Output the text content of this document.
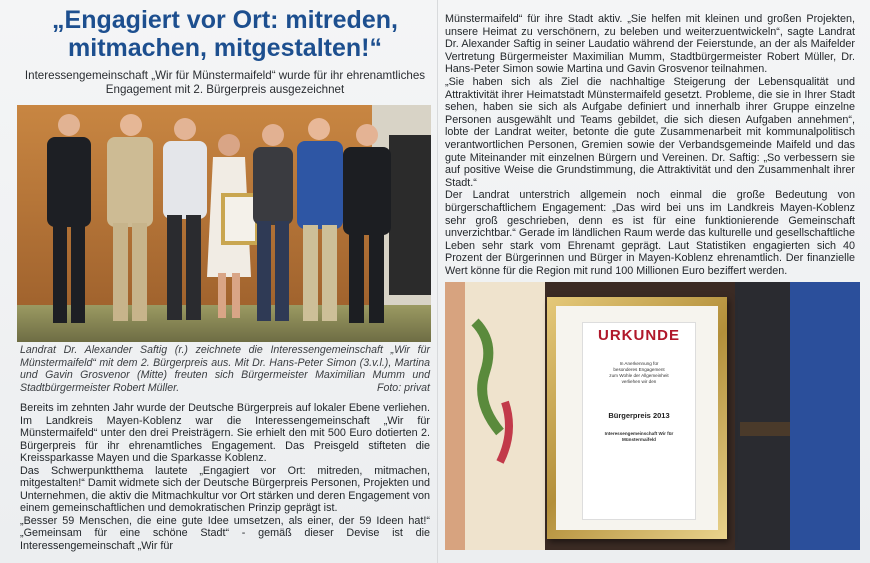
„Engagiert vor Ort: mitreden,
mitmachen, mitgestalten!“

Interessengemeinschaft „Wir für Münstermaifeld“ wurde für ihr ehrenamtliches Engagement mit 2. Bürgerpreis ausgezeichnet

Landrat Dr. Alexander Saftig (r.) zeichnete die Interessengemeinschaft „Wir für Münstermaifeld“ mit dem 2. Bürgerpreis aus. Mit Dr. Hans-Peter Simon (3.v.l.), Martina und Gavin Grosvenor (Mitte) freuten sich Bürgermeister Maximilian Mumm und Stadtbürgermeister Robert Müller.	Foto: privat

Bereits im zehnten Jahr wurde der Deutsche Bürgerpreis auf lokaler Ebene verliehen. Im Landkreis Mayen-Koblenz war die Interessengemeinschaft „Wir für Münstermaifeld“ unter den drei Preisträgern. Sie erhielt den mit 500 Euro dotierten 2. Bürgerpreis für ihr ehrenamtliches Engagement. Das Preisgeld stifteten die Kreissparkasse Mayen und die Sparkasse Koblenz.

Das Schwerpunktthema lautete „Engagiert vor Ort: mitreden, mitmachen, mitgestalten!“ Damit widmete sich der Deutsche Bürgerpreis Personen, Projekten und Unternehmen, die aktiv die Mitmachkultur vor Ort stärken und deren Engagement von einem gemeinschaftlichen und demokratischen Prinzip geprägt ist.

„Besser 59 Menschen, die eine gute Idee umsetzen, als einer, der 59 Ideen hat!“ „Gemeinsam für eine schöne Stadt“ - gemäß dieser Devise ist die Interessengemeinschaft „Wir für

Münstermaifeld“ für ihre Stadt aktiv. „Sie helfen mit kleinen und großen Projekten, unsere Heimat zu verschönern, zu beleben und weiterzuentwickeln“, sagte Landrat Dr. Alexander Saftig in seiner Laudatio während der Feierstunde, an der als Maifelder Vertretung Bürgermeister Maximilian Mumm, Stadtbürgermeister Robert Müller, Dr. Hans-Peter Simon sowie Martina und Gavin Grosvenor teilnahmen.

„Sie haben sich als Ziel die nachhaltige Steigerung der Lebensqualität und Attraktivität ihrer Heimatstadt Münstermaifeld gesetzt. Probleme, die sie in Ihrer Stadt sehen, haben sie sich als Aufgabe definiert und innerhalb ihrer Gruppe einzelne Personen ausgewählt und Teams gebildet, die sich diesen Aufgaben annehmen“, lobte der Landrat weiter, betonte die gute Zusammenarbeit mit kommunalpolitisch verantwortlichen Personen, Gremien sowie der Verbandsgemeinde Maifeld und das gute Miteinander mit einzelnen Bürgern und Vereinen. Dr. Saftig: „So verbessern sie auf positive Weise die Grundstimmung, die Attraktivität und den Zusammenhalt ihrer Stadt.“

Der Landrat unterstrich allgemein noch einmal die große Bedeutung von bürgerschaftlichem Engagement: „Das wird bei uns im Landkreis Mayen-Koblenz sehr groß geschrieben, denn es ist für eine funktionierende Gemeinschaft unverzichtbar.“ Gerade im ländlichen Raum werde das kulturelle und gesellschaftliche Leben sehr stark vom Ehrenamt geprägt. Laut Statistiken engagierten sich 40 Prozent der Bürgerinnen und Bürger in Mayen-Koblenz ehrenamtlich. Der finanzielle Wert könne für die Region mit rund 100 Millionen Euro beziffert werden.

URKUNDE
In Anerkennung für
besonderes Engagement
zum Wohle der Allgemeinheit
verliehen wir den
Bürgerpreis 2013
Interessengemeinschaft Wir für Münstermaifeld
